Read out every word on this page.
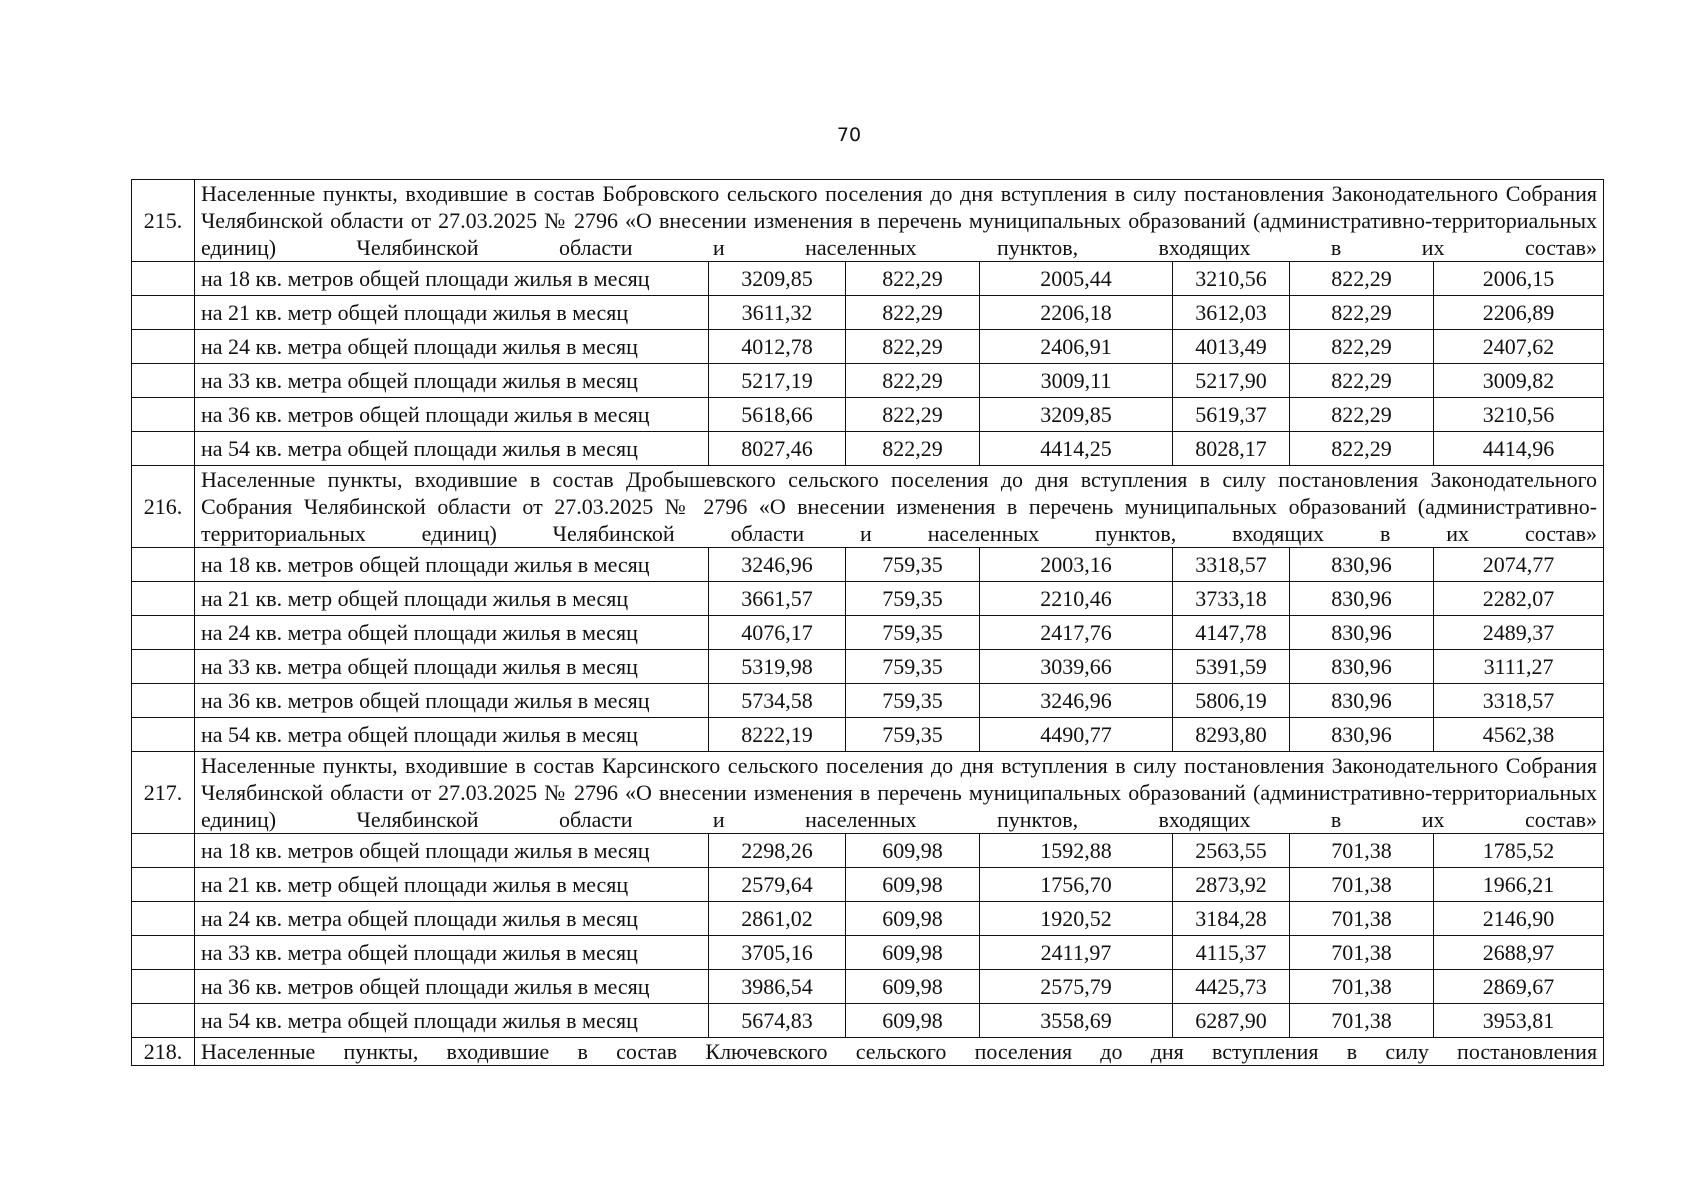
70
215.	Населенные пункты, входившие в состав Бобровского сельского поселения до дня вступления в силу постановления Законодательного Собрания Челябинской области от 27.03.2025 № 2796 «О внесении изменения в перечень муниципальных образований (административно-территориальных единиц) Челябинской области и населенных пунктов, входящих в их состав»						
	на 18 кв. метров общей площади жилья в месяц	3209,85	822,29	2005,44	3210,56	822,29	2006,15
	на 21 кв. метр общей площади жилья в месяц	3611,32	822,29	2206,18	3612,03	822,29	2206,89
	на 24 кв. метра общей площади жилья в месяц	4012,78	822,29	2406,91	4013,49	822,29	2407,62
	на 33 кв. метра общей площади жилья в месяц	5217,19	822,29	3009,11	5217,90	822,29	3009,82
	на 36 кв. метров общей площади жилья в месяц	5618,66	822,29	3209,85	5619,37	822,29	3210,56
	на 54 кв. метра общей площади жилья в месяц	8027,46	822,29	4414,25	8028,17	822,29	4414,96
216.	Населенные пункты, входившие в состав Дробышевского сельского поселения до дня вступления в силу постановления Законодательного Собрания Челябинской области от 27.03.2025 № 2796 «О внесении изменения в перечень муниципальных образований (административно-территориальных единиц) Челябинской области и населенных пунктов, входящих в их состав»						
	на 18 кв. метров общей площади жилья в месяц	3246,96	759,35	2003,16	3318,57	830,96	2074,77
	на 21 кв. метр общей площади жилья в месяц	3661,57	759,35	2210,46	3733,18	830,96	2282,07
	на 24 кв. метра общей площади жилья в месяц	4076,17	759,35	2417,76	4147,78	830,96	2489,37
	на 33 кв. метра общей площади жилья в месяц	5319,98	759,35	3039,66	5391,59	830,96	3111,27
	на 36 кв. метров общей площади жилья в месяц	5734,58	759,35	3246,96	5806,19	830,96	3318,57
	на 54 кв. метра общей площади жилья в месяц	8222,19	759,35	4490,77	8293,80	830,96	4562,38
217.	Населенные пункты, входившие в состав Карсинского сельского поселения до дня вступления в силу постановления Законодательного Собрания Челябинской области от 27.03.2025 № 2796 «О внесении изменения в перечень муниципальных образований (административно-территориальных единиц) Челябинской области и населенных пунктов, входящих в их состав»						
	на 18 кв. метров общей площади жилья в месяц	2298,26	609,98	1592,88	2563,55	701,38	1785,52
	на 21 кв. метр общей площади жилья в месяц	2579,64	609,98	1756,70	2873,92	701,38	1966,21
	на 24 кв. метра общей площади жилья в месяц	2861,02	609,98	1920,52	3184,28	701,38	2146,90
	на 33 кв. метра общей площади жилья в месяц	3705,16	609,98	2411,97	4115,37	701,38	2688,97
	на 36 кв. метров общей площади жилья в месяц	3986,54	609,98	2575,79	4425,73	701,38	2869,67
	на 54 кв. метра общей площади жилья в месяц	5674,83	609,98	3558,69	6287,90	701,38	3953,81
218.	Населенные пункты, входившие в состав Ключевского сельского поселения до дня вступления в силу постановления						
